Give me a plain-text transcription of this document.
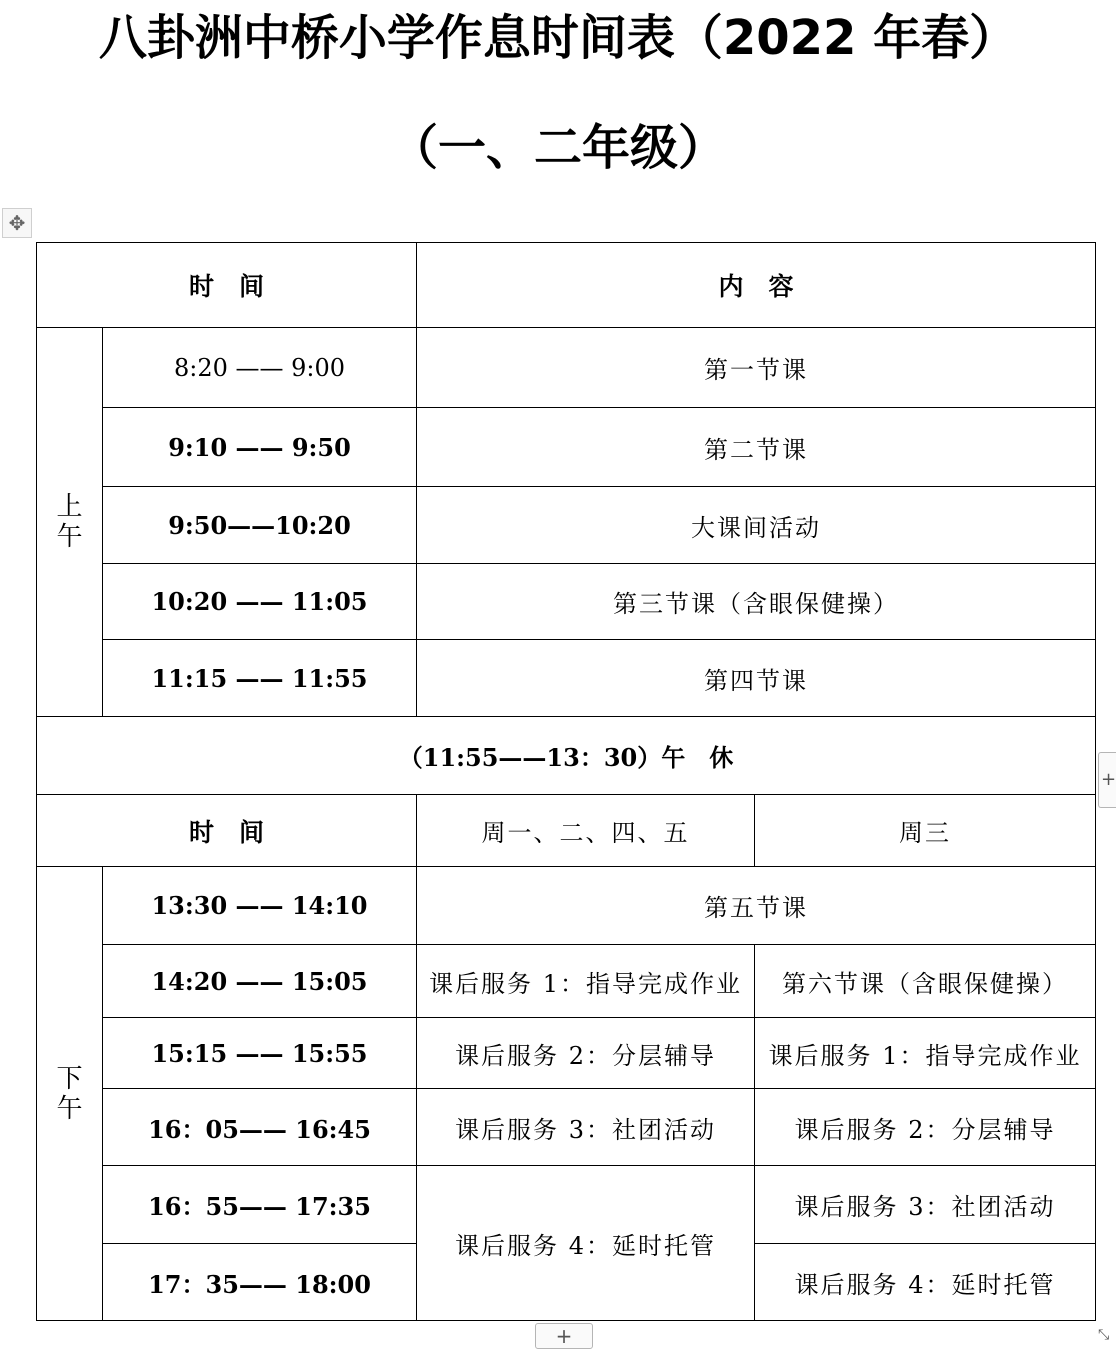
八卦洲中桥小学作息时间表（2022 年春）
（一、二年级）
✥
时　间		内　容	

上
午	8:20 —— 9:00	第一节课	
	9:10 —— 9:50	第二节课	
	9:50——10:20	大课间活动	
	10:20 —— 11:05	第三节课（含眼保健操）	
	11:15 —— 11:55	第四节课	
（11:55——13：30）午　休			
时　间		周一、二、四、五	周三

下
午	13:30 —— 14:10	第五节课	
	14:20 —— 15:05	课后服务 1：指导完成作业	第六节课（含眼保健操）
	15:15 —— 15:55	课后服务 2：分层辅导	课后服务 1：指导完成作业
	16：05—— 16:45	课后服务 3：社团活动	课后服务 2：分层辅导
	16：55—— 17:35	课后服务 4：延时托管	课后服务 3：社团活动
	17：35—— 18:00		课后服务 4：延时托管
+
+	⤡
